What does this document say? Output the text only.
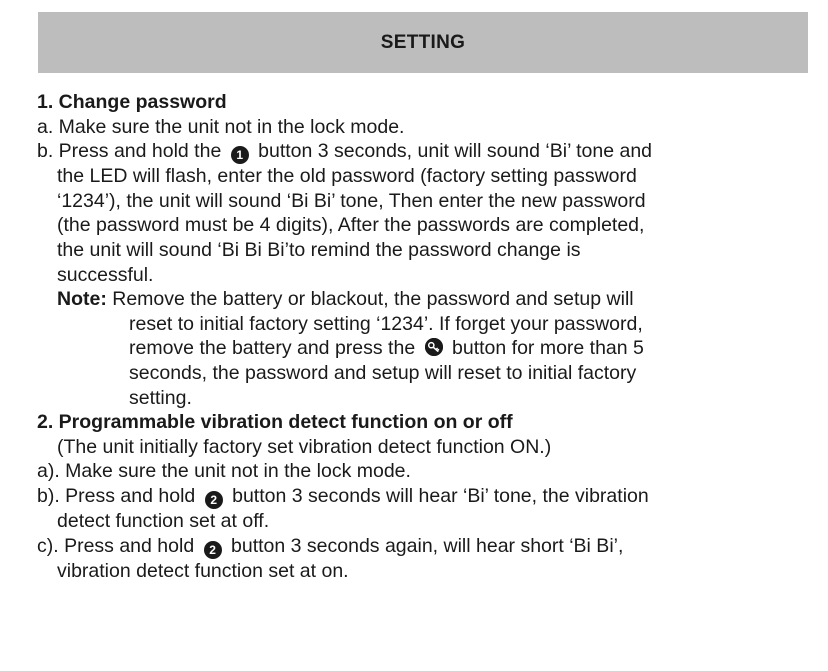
SETTING
1. Change password
a. Make sure the unit not in the lock mode.
b. Press and hold the 1 button 3 seconds, unit will sound ‘Bi’ tone and
the LED will flash, enter the old password (factory setting password
‘1234’), the unit will sound ‘Bi Bi’ tone, Then enter the new password
(the password must be 4 digits), After the passwords are completed,
the unit will sound ‘Bi Bi Bi’to remind the password change is
successful.
Note: Remove the battery or blackout, the password and setup will
reset to initial factory setting ‘1234’. If forget your password,
remove the battery and press the button for more than 5
seconds, the password and setup will reset to initial factory
setting.
2. Programmable vibration detect function on or off
(The unit initially factory set vibration detect function ON.)
a). Make sure the unit not in the lock mode.
b). Press and hold 2 button 3 seconds will hear ‘Bi’ tone, the vibration
detect function set at off.
c). Press and hold 2 button 3 seconds again, will hear short ‘Bi Bi’,
vibration detect function set at on.
